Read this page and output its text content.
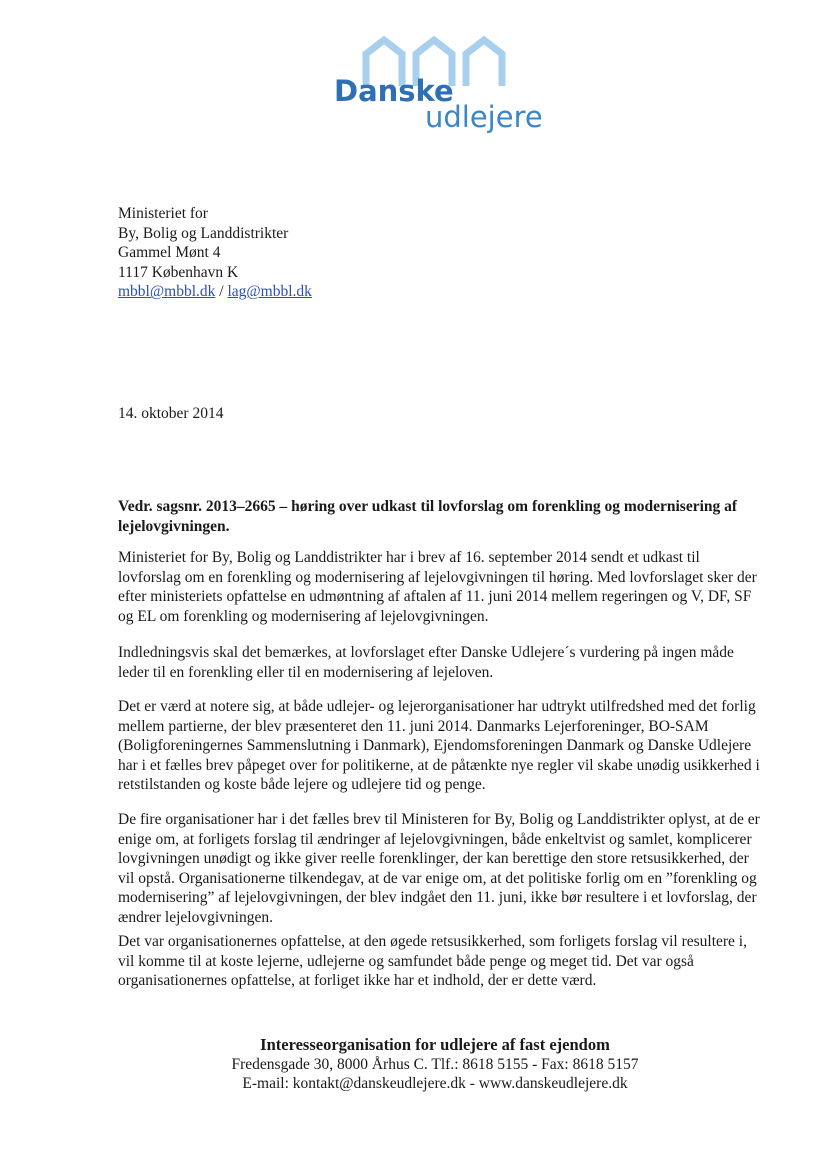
Danske
udlejere
Ministeriet for
By, Bolig og Landdistrikter
Gammel Mønt 4
1117 København K
mbbl@mbbl.dk / lag@mbbl.dk
14. oktober 2014
Vedr. sagsnr. 2013–2665 – høring over udkast til lovforslag om forenkling og modernisering af lejelovgivningen.

Ministeriet for By, Bolig og Landdistrikter har i brev af 16. september 2014 sendt et udkast til lovforslag om en forenkling og modernisering af lejelovgivningen til høring. Med lovforslaget sker der efter ministeriets opfattelse en udmøntning af aftalen af 11. juni 2014 mellem regeringen og V, DF, SF og EL om forenkling og modernisering af lejelovgivningen.

Indledningsvis skal det bemærkes, at lovforslaget efter Danske Udlejere´s vurdering på ingen måde leder til en forenkling eller til en modernisering af lejeloven.

Det er værd at notere sig, at både udlejer- og lejerorganisationer har udtrykt utilfredshed med det forlig mellem partierne, der blev præsenteret den 11. juni 2014. Danmarks Lejerforeninger, BO-SAM (Boligforeningernes Sammenslutning i Danmark), Ejendomsforeningen Danmark og Danske Udlejere har i et fælles brev påpeget over for politikerne, at de påtænkte nye regler vil skabe unødig usikkerhed i retstilstanden og koste både lejere og udlejere tid og penge.

De fire organisationer har i det fælles brev til Ministeren for By, Bolig og Landdistrikter oplyst, at de er enige om, at forligets forslag til ændringer af lejelovgivningen, både enkeltvist og samlet, komplicerer lovgivningen unødigt og ikke giver reelle forenklinger, der kan berettige den store retsusikkerhed, der vil opstå. Organisationerne tilkendegav, at de var enige om, at det politiske forlig om en ”forenkling og modernisering” af lejelovgivningen, der blev indgået den 11. juni, ikke bør resultere i et lovforslag, der ændrer lejelovgivningen.

Det var organisationernes opfattelse, at den øgede retsusikkerhed, som forligets forslag vil resultere i, vil komme til at koste lejerne, udlejerne og samfundet både penge og meget tid. Det var også organisationernes opfattelse, at forliget ikke har et indhold, der er dette værd.

Interesseorganisation for udlejere af fast ejendom
Fredensgade 30, 8000 Århus C. Tlf.: 8618 5155 - Fax: 8618 5157
E-mail: kontakt@danskeudlejere.dk - www.danskeudlejere.dk
